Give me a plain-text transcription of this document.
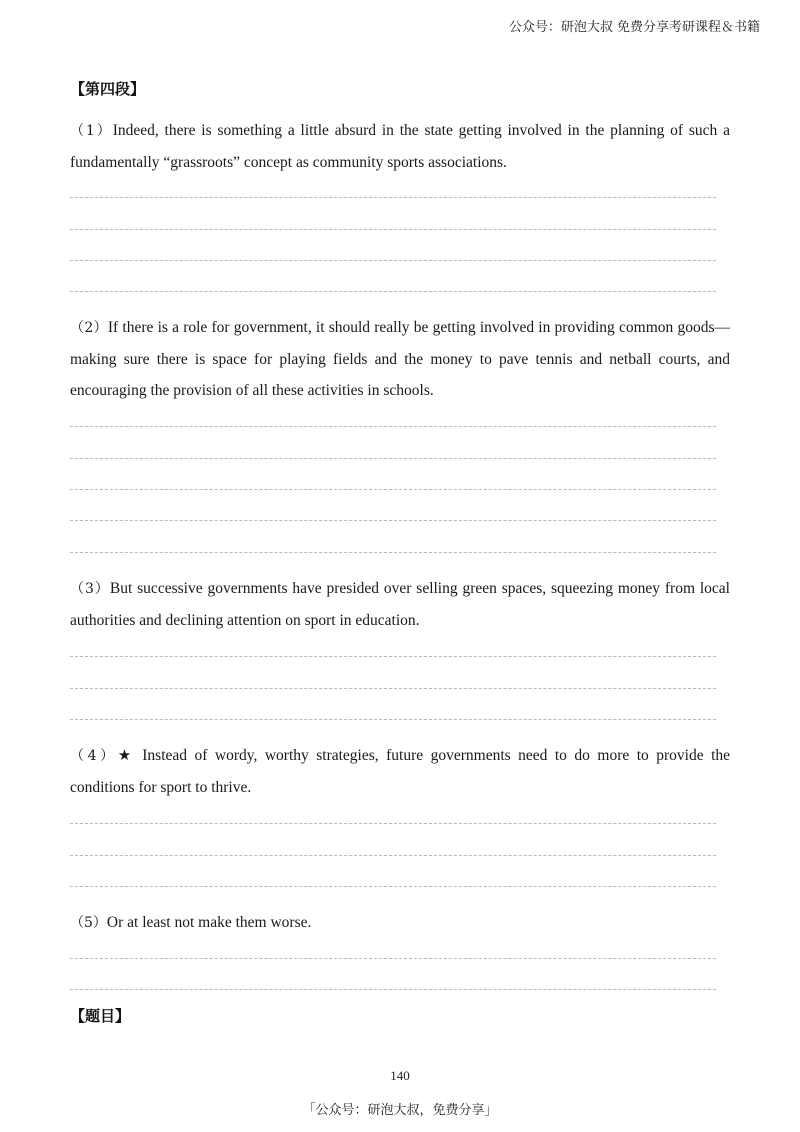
公众号：研泡大叔 免费分享考研课程＆书籍
【第四段】
（1）Indeed, there is something a little absurd in the state getting involved in the planning of such a fundamentally “grassroots” concept as community sports associations.
（2）If there is a role for government, it should really be getting involved in providing common goods—making sure there is space for playing fields and the money to pave tennis and netball courts, and encouraging the provision of all these activities in schools.
（3）But successive governments have presided over selling green spaces, squeezing money from local authorities and declining attention on sport in education.
（4）★ Instead of wordy, worthy strategies, future governments need to do more to provide the conditions for sport to thrive.
（5）Or at least not make them worse.
【题目】
140
「公众号：研泡大叔，免费分享」
